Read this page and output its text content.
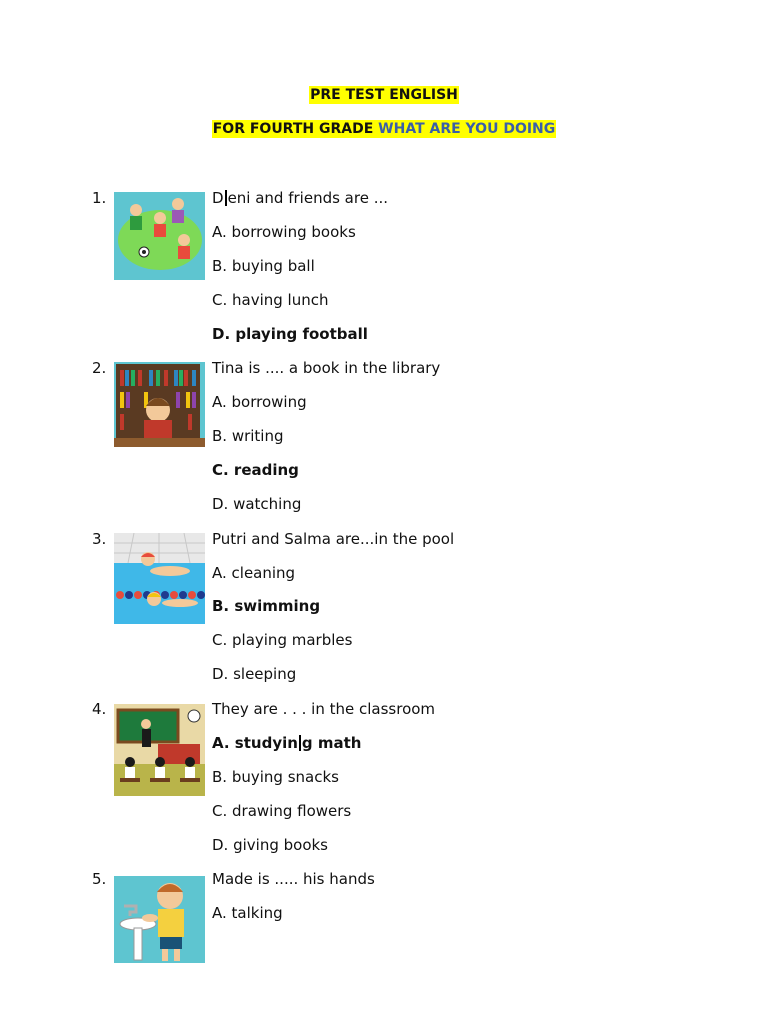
PRE TEST ENGLISH
FOR FOURTH GRADE WHAT ARE YOU DOING
1.	D eni and friends are ...
A. borrowing books
B. buying ball
C. having lunch
D. playing football
2.	Tina is .... a book in the library
A. borrowing
B. writing
C. reading
D. watching
3.	Putri and Salma are...in the pool
A. cleaning
B. swimming
C. playing marbles
D. sleeping
4.	They are . . . in the classroom
A. studyin g math
B. buying snacks
C. drawing flowers
D. giving books
5.	Made is ..... his hands
A. talking
